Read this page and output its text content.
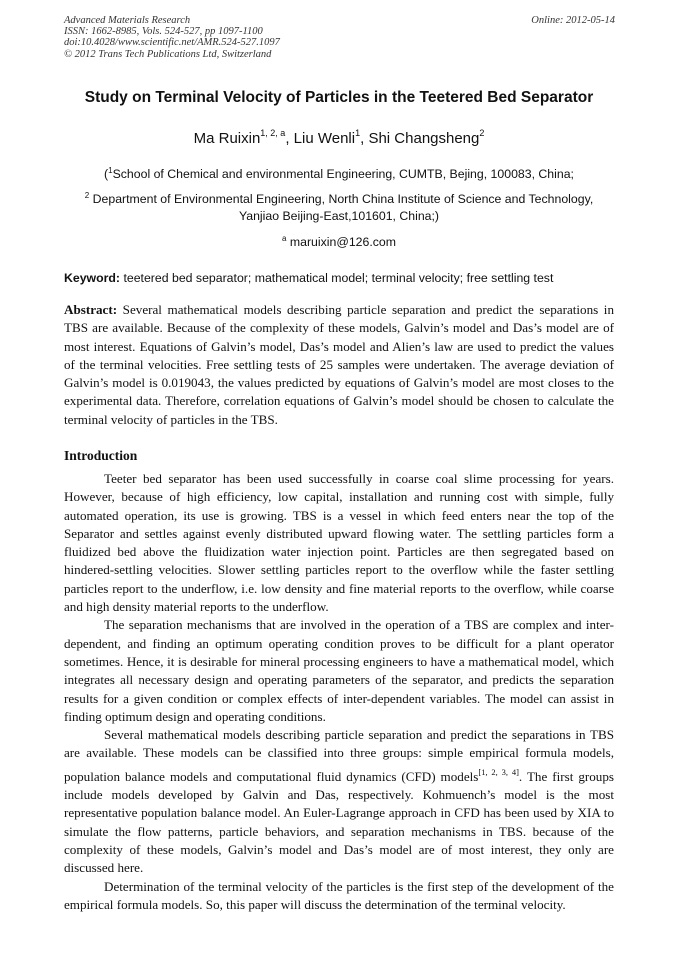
Advanced Materials Research
ISSN: 1662-8985, Vols. 524-527, pp 1097-1100
doi:10.4028/www.scientific.net/AMR.524-527.1097
© 2012 Trans Tech Publications Ltd, Switzerland
Online: 2012-05-14
Study on Terminal Velocity of Particles in the Teetered Bed Separator
Ma Ruixin$^{1, 2, a}$, Liu Wenli$^1$, Shi Changsheng$^2$
($^1$School of Chemical and environmental Engineering, CUMTB, Bejing, 100083, China;
$^2$ Department of Environmental Engineering, North China Institute of Science and Technology,
Yanjiao Beijing-East,101601, China;)
$^a$ maruixin@126.com
Keyword: teetered bed separator; mathematical model; terminal velocity; free settling test

Abstract: Several mathematical models describing particle separation and predict the separations in TBS are available. Because of the complexity of these models, Galvin’s model and Das’s model are of most interest. Equations of Galvin’s model, Das’s model and Alien’s law are used to predict the values of the terminal velocities. Free settling tests of 25 samples were undertaken. The average deviation of Galvin’s model is 0.019043, the values predicted by equations of Galvin’s model are most closes to the experimental data. Therefore, correlation equations of Galvin’s model should be chosen to calculate the terminal velocity of particles in the TBS.

Introduction

Teeter bed separator has been used successfully in coarse coal slime processing for years. However, because of high efficiency, low capital, installation and running cost with simple, fully automated operation, its use is growing. TBS is a vessel in which feed enters near the top of the Separator and settles against evenly distributed upward flowing water. The settling particles form a fluidized bed above the fluidization water injection point. Particles are then segregated based on hindered-settling velocities. Slower settling particles report to the overflow while the faster settling particles report to the underflow, i.e. low density and fine material reports to the overflow, while coarse and high density material reports to the underflow.

The separation mechanisms that are involved in the operation of a TBS are complex and inter-dependent, and finding an optimum operating condition proves to be difficult for a plant operator sometimes. Hence, it is desirable for mineral processing engineers to have a mathematical model, which integrates all necessary design and operating parameters of the separator, and predicts the separation results for a given condition or complex effects of inter-dependent variables. The model can assist in finding optimum design and operating conditions.

Several mathematical models describing particle separation and predict the separations in TBS are available. These models can be classified into three groups: simple empirical formula models, population balance models and computational fluid dynamics (CFD) models[1, 2, 3, 4]. The first groups include models developed by Galvin and Das, respectively. Kohmuench’s model is the most representative population balance model. An Euler-Lagrange approach in CFD has been used by XIA to simulate the flow patterns, particle behaviors, and separation mechanisms in TBS. because of the complexity of these models, Galvin’s model and Das’s model are of most interest, they only are discussed here.

Determination of the terminal velocity of the particles is the first step of the development of the empirical formula models. So, this paper will discuss the determination of the terminal velocity.
